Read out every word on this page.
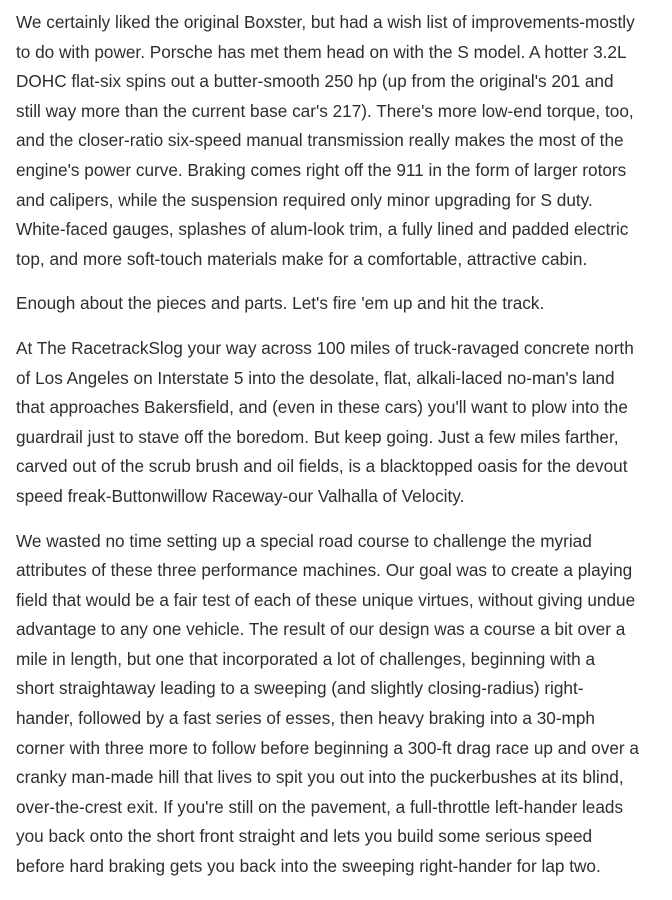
We certainly liked the original Boxster, but had a wish list of improvements-mostly
to do with power. Porsche has met them head on with the S model. A hotter 3.2L
DOHC flat-six spins out a butter-smooth 250 hp (up from the original's 201 and
still way more than the current base car's 217). There's more low-end torque, too,
and the closer-ratio six-speed manual transmission really makes the most of the
engine's power curve. Braking comes right off the 911 in the form of larger rotors
and calipers, while the suspension required only minor upgrading for S duty.
White-faced gauges, splashes of alum-look trim, a fully lined and padded electric
top, and more soft-touch materials make for a comfortable, attractive cabin.

Enough about the pieces and parts. Let's fire 'em up and hit the track.

At The RacetrackSlog your way across 100 miles of truck-ravaged concrete north
of Los Angeles on Interstate 5 into the desolate, flat, alkali-laced no-man's land
that approaches Bakersfield, and (even in these cars) you'll want to plow into the
guardrail just to stave off the boredom. But keep going. Just a few miles farther,
carved out of the scrub brush and oil fields, is a blacktopped oasis for the devout
speed freak-Buttonwillow Raceway-our Valhalla of Velocity.

We wasted no time setting up a special road course to challenge the myriad
attributes of these three performance machines. Our goal was to create a playing
field that would be a fair test of each of these unique virtues, without giving undue
advantage to any one vehicle. The result of our design was a course a bit over a
mile in length, but one that incorporated a lot of challenges, beginning with a
short straightaway leading to a sweeping (and slightly closing-radius) right-
hander, followed by a fast series of esses, then heavy braking into a 30-mph
corner with three more to follow before beginning a 300-ft drag race up and over a
cranky man-made hill that lives to spit you out into the puckerbushes at its blind,
over-the-crest exit. If you're still on the pavement, a full-throttle left-hander leads
you back onto the short front straight and lets you build some serious speed
before hard braking gets you back into the sweeping right-hander for lap two.
